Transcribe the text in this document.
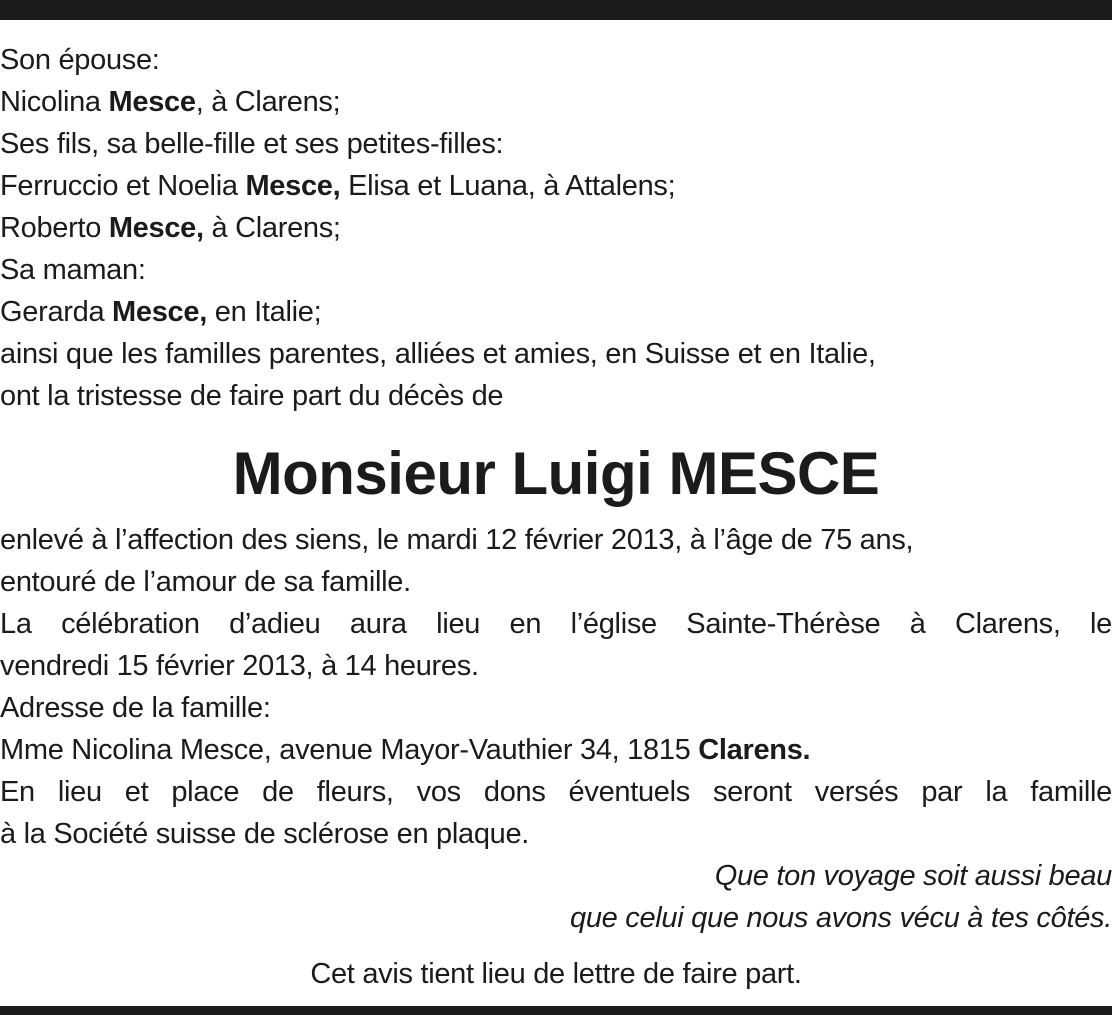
Son épouse:
Nicolina Mesce, à Clarens;
Ses fils, sa belle-fille et ses petites-filles:
Ferruccio et Noelia Mesce, Elisa et Luana, à Attalens;
Roberto Mesce, à Clarens;
Sa maman:
Gerarda Mesce, en Italie;
ainsi que les familles parentes, alliées et amies, en Suisse et en Italie,
ont la tristesse de faire part du décès de
Monsieur Luigi MESCE
enlevé à l’affection des siens, le mardi 12 février 2013, à l’âge de 75 ans,
entouré de l’amour de sa famille.
La célébration d’adieu aura lieu en l’église Sainte-Thérèse à Clarens, le
vendredi 15 février 2013, à 14 heures.
Adresse de la famille:
Mme Nicolina Mesce, avenue Mayor-Vauthier 34, 1815 Clarens.
En lieu et place de fleurs, vos dons éventuels seront versés par la famille
à la Société suisse de sclérose en plaque.
Que ton voyage soit aussi beau
que celui que nous avons vécu à tes côtés.
Cet avis tient lieu de lettre de faire part.
